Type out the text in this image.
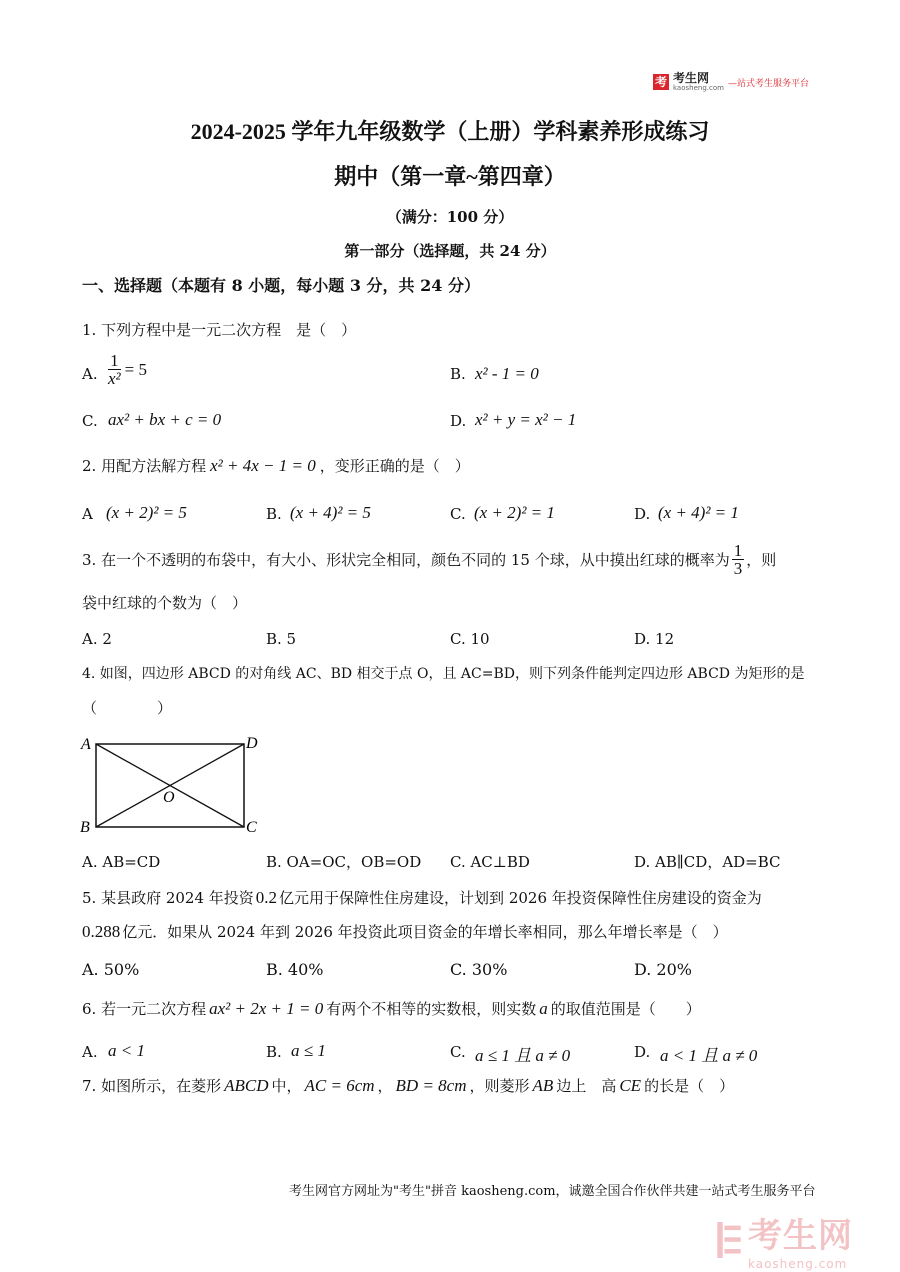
考 考生网
kaosheng.com —站式考生服务平台
2024-2025 学年九年级数学（上册）学科素养形成练习
期中（第一章~第四章）
（满分：100 分）
第一部分（选择题，共 24 分）
一、选择题（本题有 8 小题，每小题 3 分，共 24 分）
1. 下列方程中是一元二次方程　是（　）
A. $\frac{1}{\text{x²}} = 5$	B. x² - 1 = 0
C. ax² + bx + c = 0	D. x² + y = x² − 1
2. 用配方法解方程 x² + 4x − 1 = 0 ，变形正确的是（　）
A (x + 2)² = 5	B. (x + 4)² = 5	C. (x + 2)² = 1	D. (x + 4)² = 1
3. 在一个不透明的布袋中，有大小、形状完全相同，颜色不同的 15 个球，从中摸出红球的概率为 $\frac{1}{3}$ ，则
袋中红球的个数为（　）
A. 2	B. 5	C. 10	D. 12
4. 如图，四边形 ABCD 的对角线 AC、BD 相交于点 O，且 AC=BD，则下列条件能判定四边形 ABCD 为矩形的是
（　　　　）
A	D
B	C
O
A. AB=CD	B. OA=OC，OB=OD C. AC⊥BD	D. AB∥CD，AD=BC
5. 某县政府 2024 年投资 0.2 亿元用于保障性住房建设，计划到 2026 年投资保障性住房建设的资金为
0.288 亿元．如果从 2024 年到 2026 年投资此项目资金的年增长率相同，那么年增长率是（　）
A. 50%	B. 40%	C. 30%	D. 20%
6. 若一元二次方程 ax² + 2x + 1 = 0 有两个不相等的实数根，则实数 a 的取值范围是（　　）
A. a < 1	B. a ≤ 1	C. a ≤ 1 且 a ≠ 0	D. a < 1 且 a ≠ 0
7. 如图所示，在菱形 ABCD 中， AC = 6cm ， BD = 8cm ，则菱形 AB 边上　高 CE 的长是（　）
考生网官方网址为"考生"拼音 kaosheng.com，诚邀全国合作伙伴共建一站式考生服务平台
考生网
kaosheng.com
